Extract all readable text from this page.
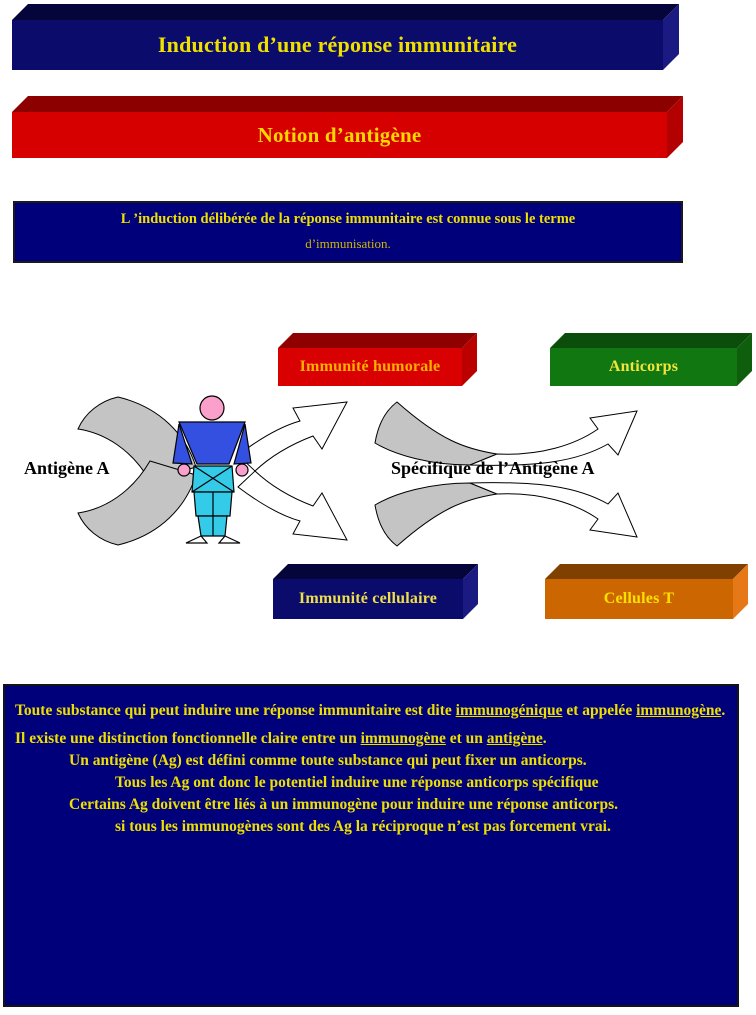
Induction d’une réponse immunitaire
Notion d’antigène
L ’induction délibérée de la réponse immunitaire est connue sous le terme
d’immunisation.
Antigène A	Spécifique de l’Antigène A
Immunité humorale	Anticorps
Immunité cellulaire	Cellules T

Toute substance qui peut induire une réponse immunitaire est dite immunogénique et appelée immunogène.

Il existe une distinction fonctionnelle claire entre un immunogène et un antigène.

Un antigène (Ag) est défini comme toute substance qui peut fixer un anticorps.

Tous les Ag ont donc le potentiel induire une réponse anticorps spécifique

Certains Ag doivent être liés à un immunogène pour induire une réponse anticorps.

si tous les immunogènes sont des Ag la réciproque n’est pas forcement vrai.
